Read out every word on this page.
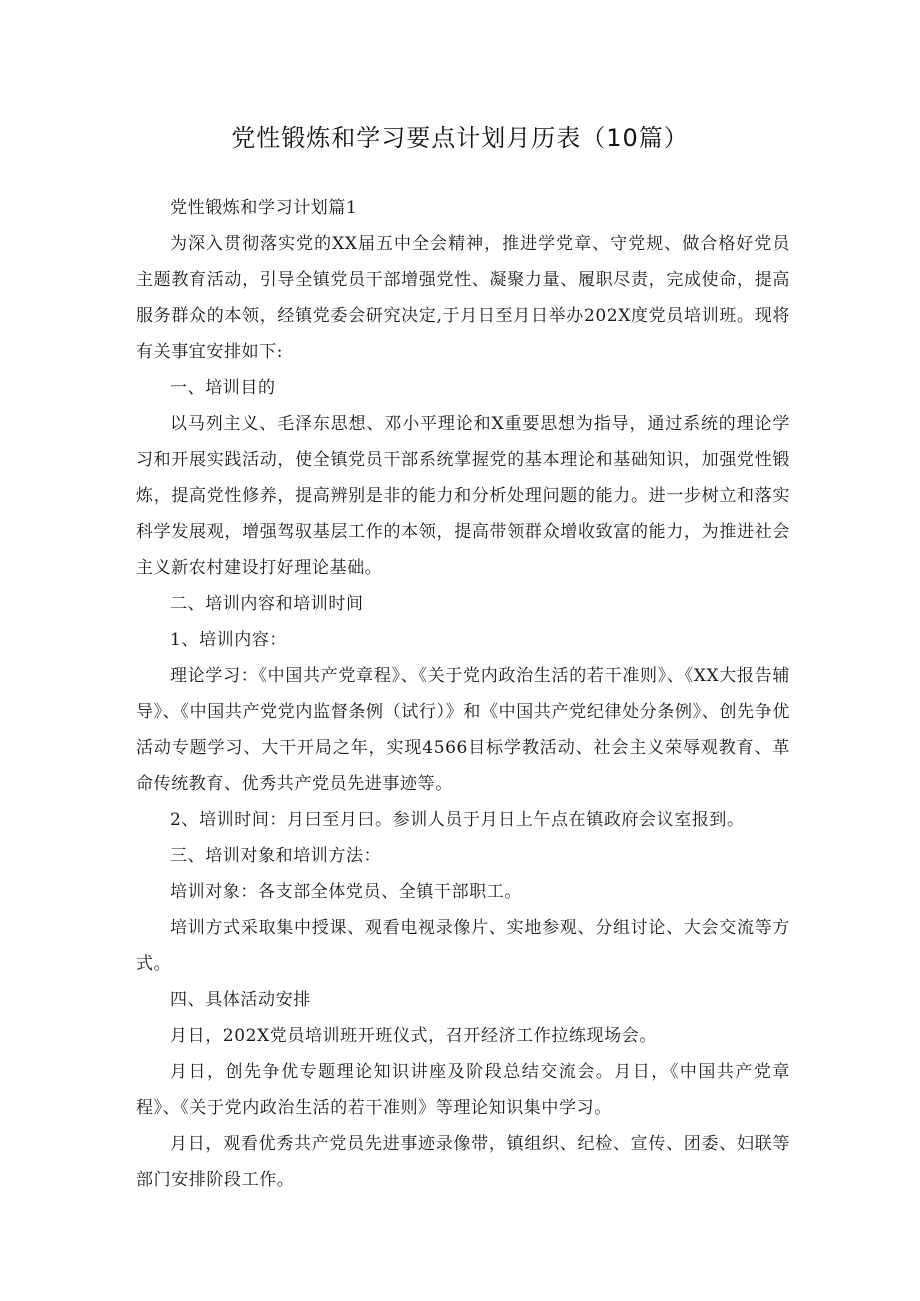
党性锻炼和学习要点计划月历表（10篇）

党性锻炼和学习计划篇1

为深入贯彻落实党的XX届五中全会精神，推进学党章、守党规、做合格好党员主题教育活动，引导全镇党员干部增强党性、凝聚力量、履职尽责，完成使命，提高服务群众的本领，经镇党委会研究决定,于月日至月日举办202X度党员培训班。现将有关事宜安排如下:

一、培训目的

以马列主义、毛泽东思想、邓小平理论和X重要思想为指导，通过系统的理论学习和开展实践活动，使全镇党员干部系统掌握党的基本理论和基础知识，加强党性锻炼，提高党性修养，提高辨别是非的能力和分析处理问题的能力。进一步树立和落实科学发展观，增强驾驭基层工作的本领，提高带领群众增收致富的能力，为推进社会主义新农村建设打好理论基础。

二、培训内容和培训时间

1、培训内容：

理论学习：《中国共产党章程》、《关于党内政治生活的若干准则》、《XX大报告辅导》、《中国共产党党内监督条例（试行）》和《中国共产党纪律处分条例》、创先争优活动专题学习、大干开局之年，实现4566目标学教活动、社会主义荣辱观教育、革命传统教育、优秀共产党员先进事迹等。

2、培训时间：月曰至月曰。参训人员于月日上午点在镇政府会议室报到。

三、培训对象和培训方法：

培训对象：各支部全体党员、全镇干部职工。

培训方式采取集中授课、观看电视录像片、实地参观、分组讨论、大会交流等方式。

四、具体活动安排

月日，202X党员培训班开班仪式，召开经济工作拉练现场会。

月日，创先争优专题理论知识讲座及阶段总结交流会。月日，《中国共产党章程》、《关于党内政治生活的若干准则》等理论知识集中学习。

月日，观看优秀共产党员先进事迹录像带，镇组织、纪检、宣传、团委、妇联等部门安排阶段工作。
